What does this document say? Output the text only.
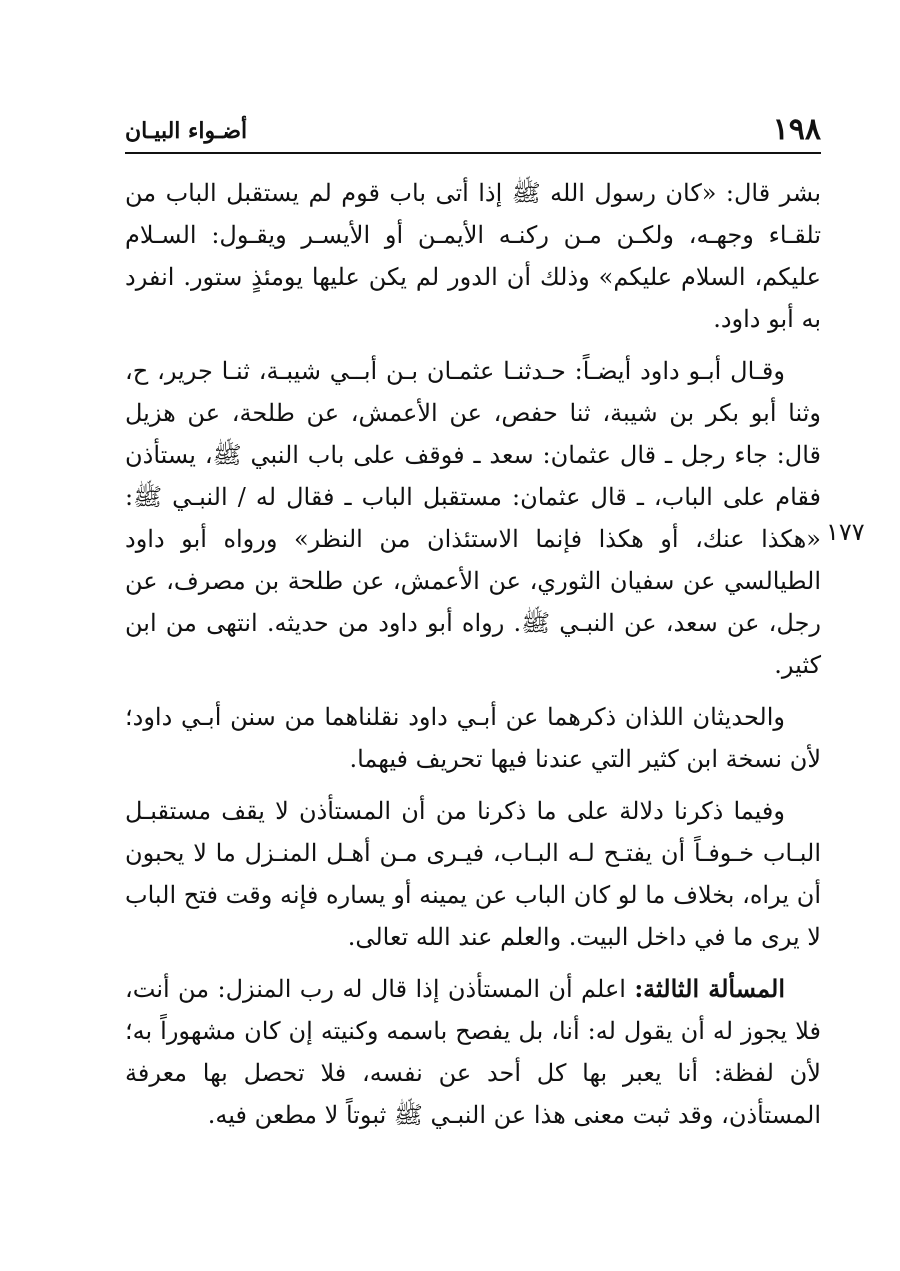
١٩٨
أضـواء البيـان
١٧٧

بشر قال: «كان رسول الله ﷺ إذا أتى باب قوم لم يستقبل الباب من تلقـاء وجهـه، ولكـن مـن ركنـه الأيمـن أو الأيسـر ويقـول: السـلام عليكم، السلام عليكم» وذلك أن الدور لم يكن عليها يومئذٍ ستور. انفرد به أبو داود.

وقـال أبـو داود أيضـاً: حـدثنـا عثمـان بـن أبــي شيبـة، ثنـا جرير، ح، وثنا أبو بكر بن شيبة، ثنا حفص، عن الأعمش، عن طلحة، عن هزيل قال: جاء رجل ـ قال عثمان: سعد ـ فوقف على باب النبي ﷺ، يستأذن فقام على الباب، ـ قال عثمان: مستقبل الباب ـ فقال له / النبـي ﷺ: «هكذا عنك، أو هكذا فإنما الاستئذان من النظر» ورواه أبو داود الطيالسي عن سفيان الثوري، عن الأعمش، عن طلحة بن مصرف، عن رجل، عن سعد، عن النبـي ﷺ. رواه أبو داود من حديثه. انتهى من ابن كثير.

والحديثان اللذان ذكرهما عن أبـي داود نقلناهما من سنن أبـي داود؛ لأن نسخة ابن كثير التي عندنا فيها تحريف فيهما.

وفيما ذكرنا دلالة على ما ذكرنا من أن المستأذن لا يقف مستقبـل البـاب خـوفـاً أن يفتـح لـه البـاب، فيـرى مـن أهـل المنـزل ما لا يحبون أن يراه، بخلاف ما لو كان الباب عن يمينه أو يساره فإنه وقت فتح الباب لا يرى ما في داخل البيت. والعلم عند الله تعالى.

المسألة الثالثة: اعلم أن المستأذن إذا قال له رب المنزل: من أنت، فلا يجوز له أن يقول له: أنا، بل يفصح باسمه وكنيته إن كان مشهوراً به؛ لأن لفظة: أنا يعبر بها كل أحد عن نفسه، فلا تحصل بها معرفة المستأذن، وقد ثبت معنى هذا عن النبـي ﷺ ثبوتاً لا مطعن فيه.
